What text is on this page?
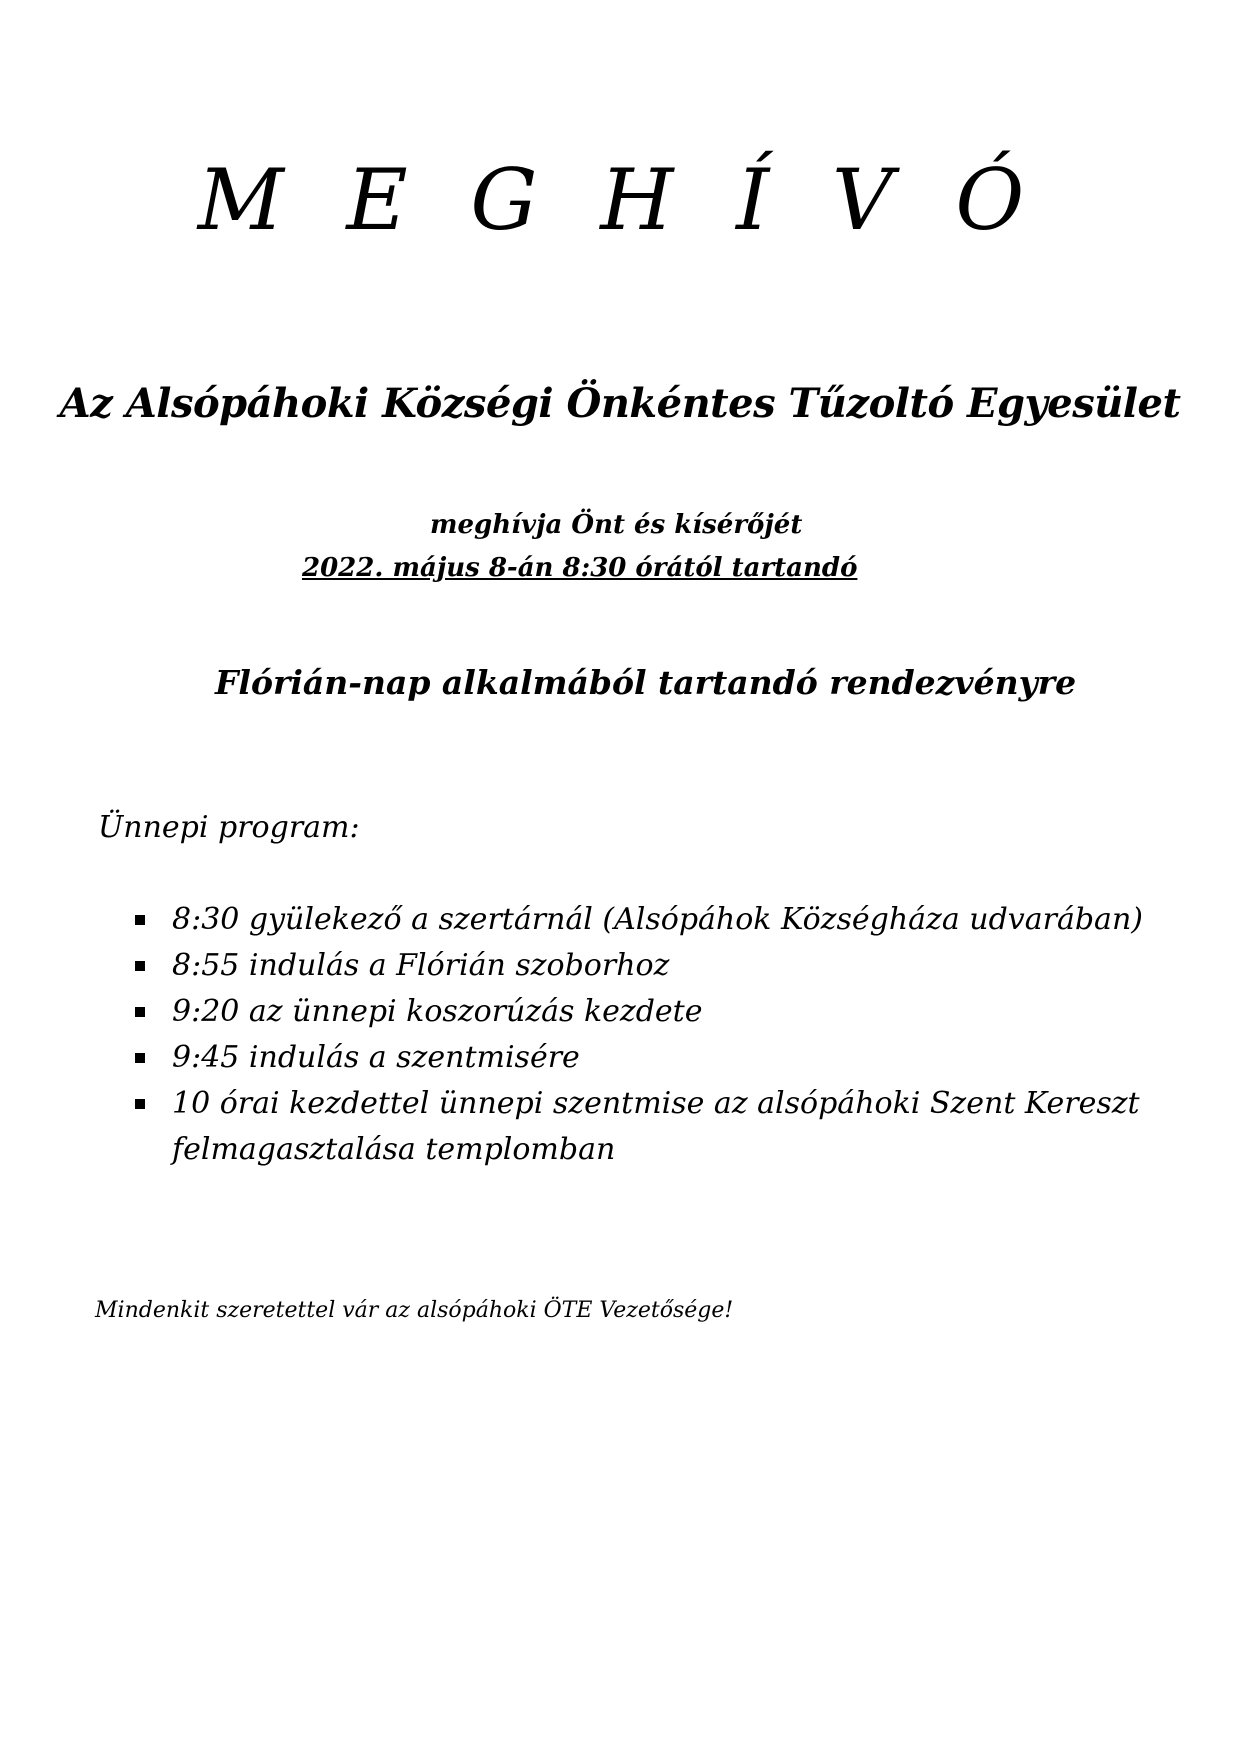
M E G H Í V Ó
Az Alsópáhoki Községi Önkéntes Tűzoltó Egyesület
meghívja Önt és kísérőjét
2022. május 8-án 8:30 órától tartandó
Flórián-nap alkalmából tartandó rendezvényre
Ünnepi program:
8:30 gyülekező a szertárnál (Alsópáhok Községháza udvarában)
8:55 indulás a Flórián szoborhoz
9:20 az ünnepi koszorúzás kezdete
9:45 indulás a szentmisére
10 órai kezdettel ünnepi szentmise az alsópáhoki Szent Kereszt felmagasztalása templomban
Mindenkit szeretettel vár az alsópáhoki ÖTE Vezetősége!
